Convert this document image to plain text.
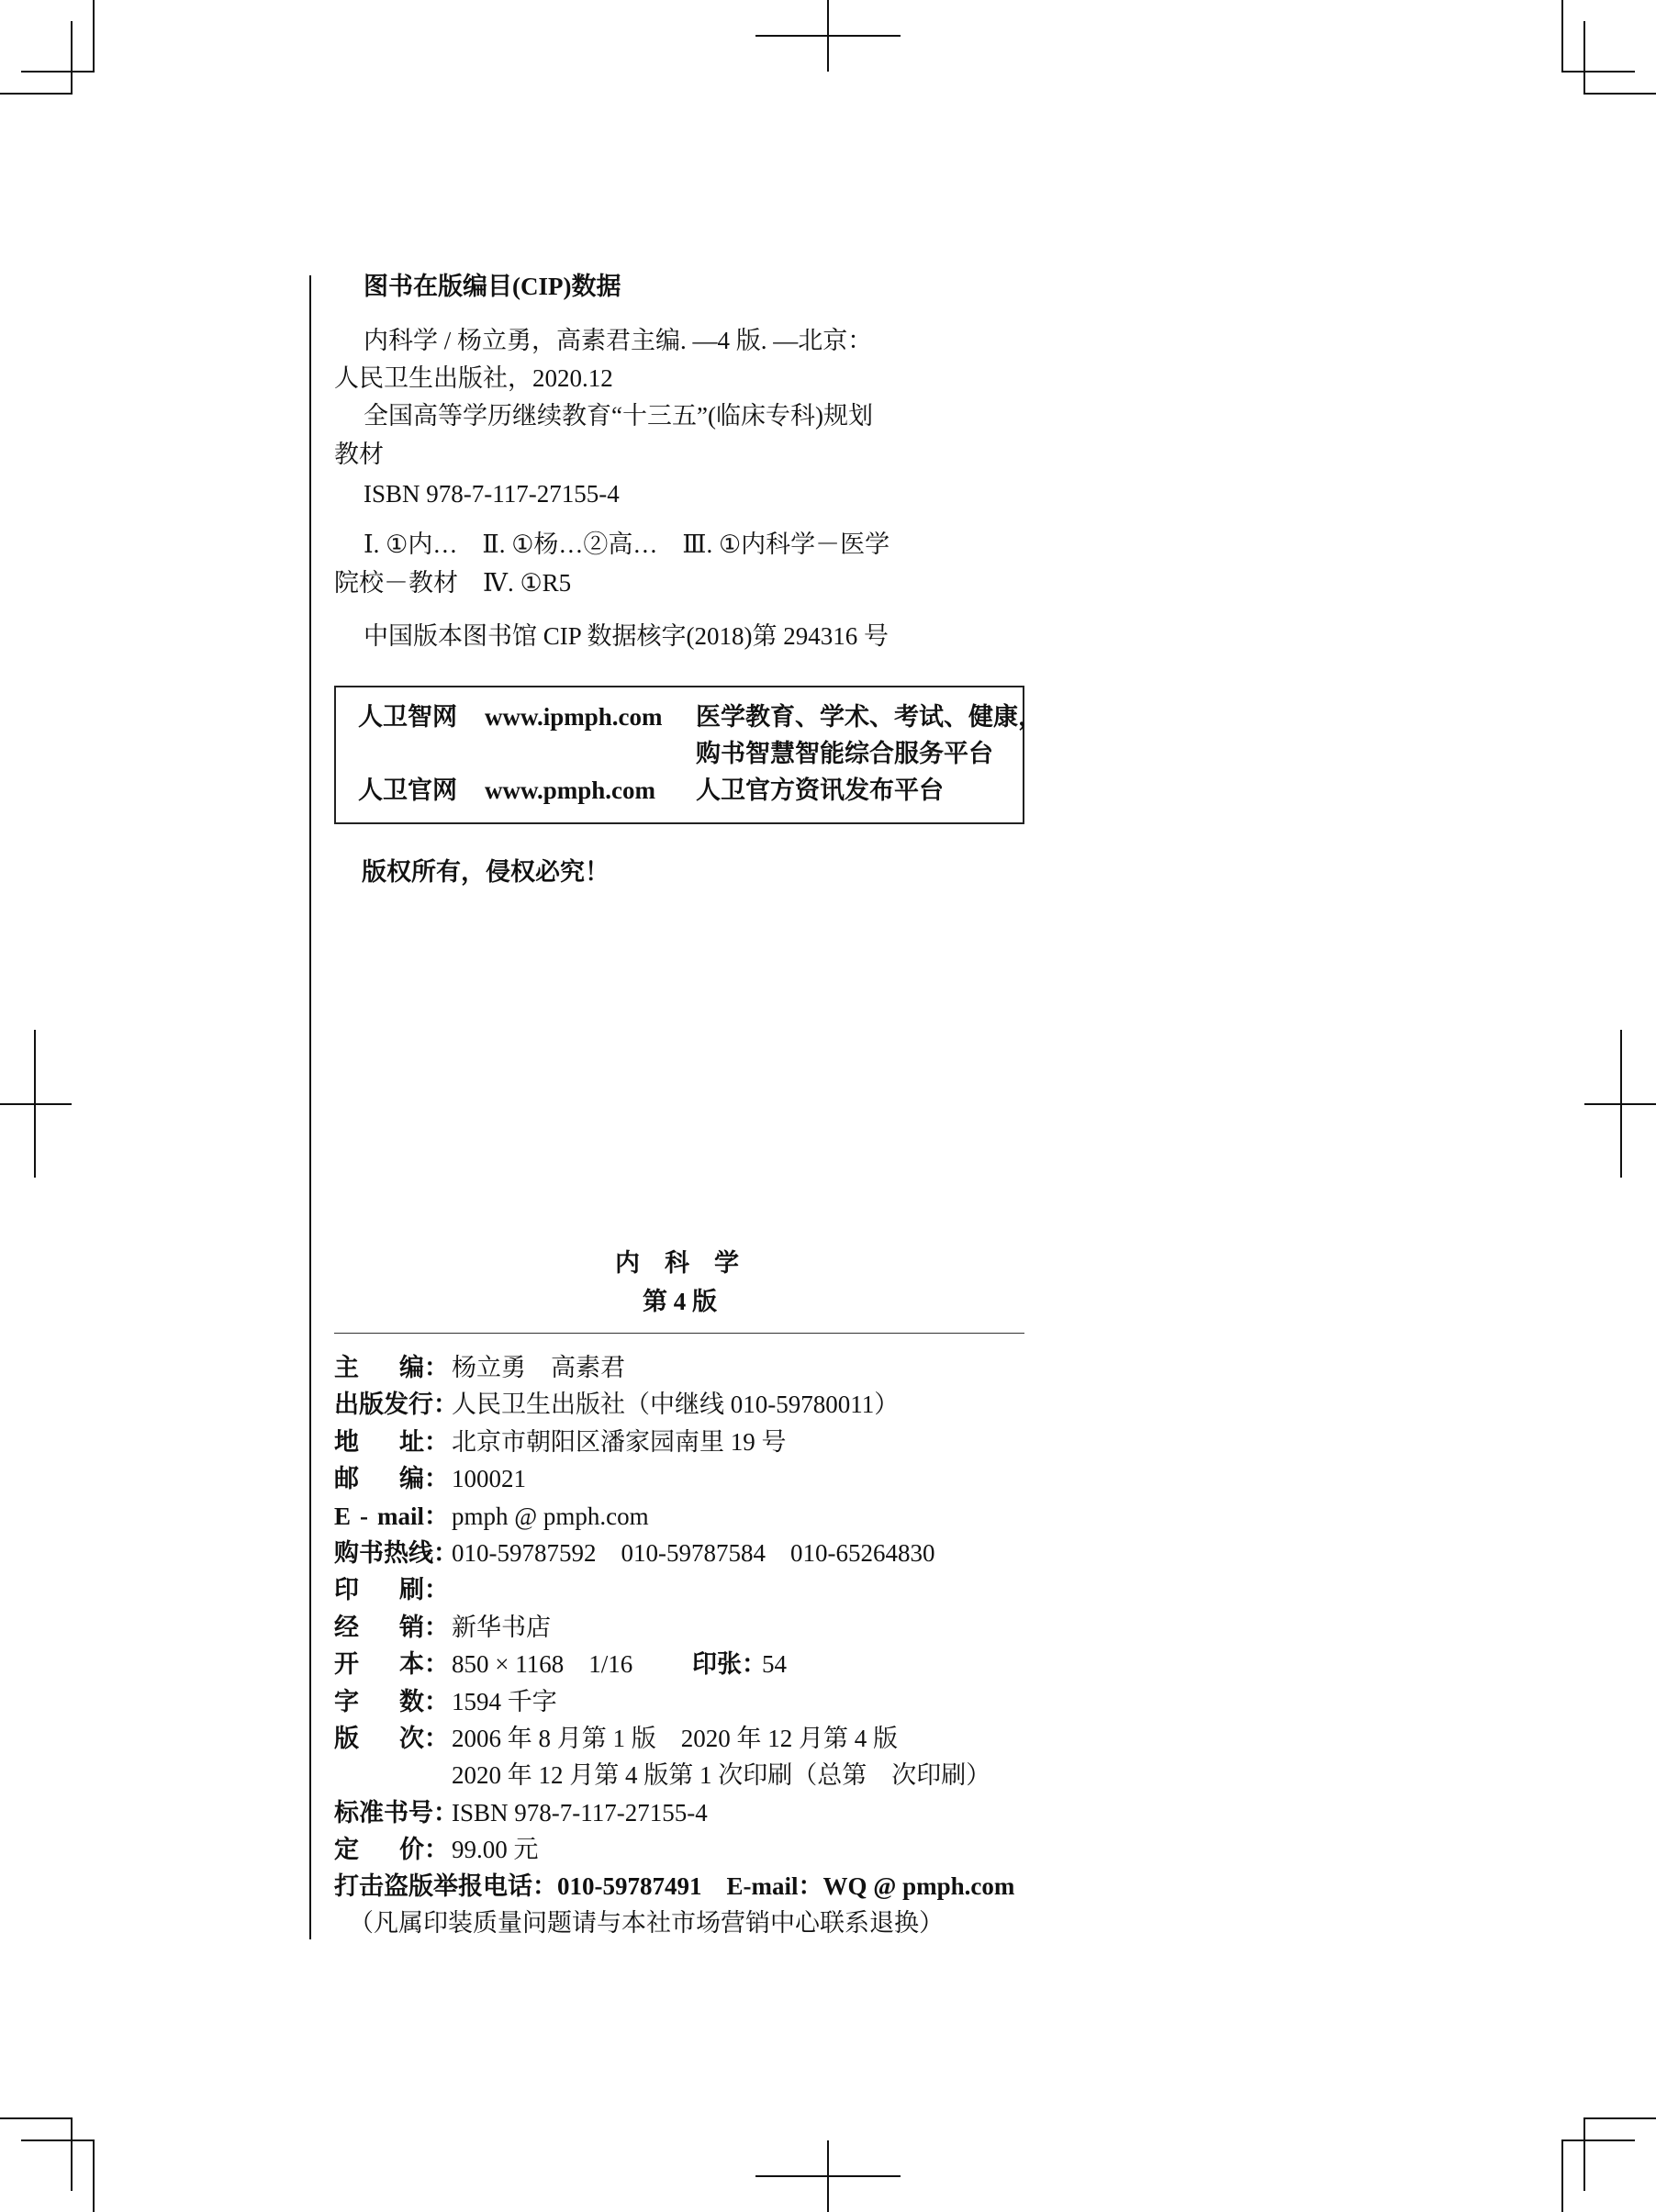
图书在版编目(CIP)数据
内科学 / 杨立勇，高素君主编. —4 版. —北京：
人民卫生出版社，2020.12
全国高等学历继续教育“十三五”(临床专科)规划
教材
ISBN 978-7-117-27155-4
Ⅰ. ①内…　Ⅱ. ①杨…②高…　Ⅲ. ①内科学－医学
院校－教材　Ⅳ. ①R5
中国版本图书馆 CIP 数据核字(2018)第 294316 号
人卫智网 www.ipmph.com 医学教育、学术、考试、健康，
购书智慧智能综合服务平台
人卫官网 www.pmph.com 人卫官方资讯发布平台
版权所有，侵权必究！
内　科　学
第 4 版
主 编： 杨立勇　高素君
出版发行：
人民卫生出版社（中继线 010-59780011）
地 址： 北京市朝阳区潘家园南里 19 号
邮 编： 100021
E - mail： pmph @ pmph.com
购书热线：
010-59787592　010-59787584　010-65264830
印 刷：
经 销： 新华书店
开 本： 850 × 1168　1/16 印张：
54
字 数： 1594 千字
版 次： 2006 年 8 月第 1 版　2020 年 12 月第 4 版
2020 年 12 月第 4 版第 1 次印刷（总第　次印刷）
标准书号：
ISBN 978-7-117-27155-4
定 价： 99.00 元
打击盗版举报电话：010-59787491　E-mail：WQ @ pmph.com
（凡属印装质量问题请与本社市场营销中心联系退换）
